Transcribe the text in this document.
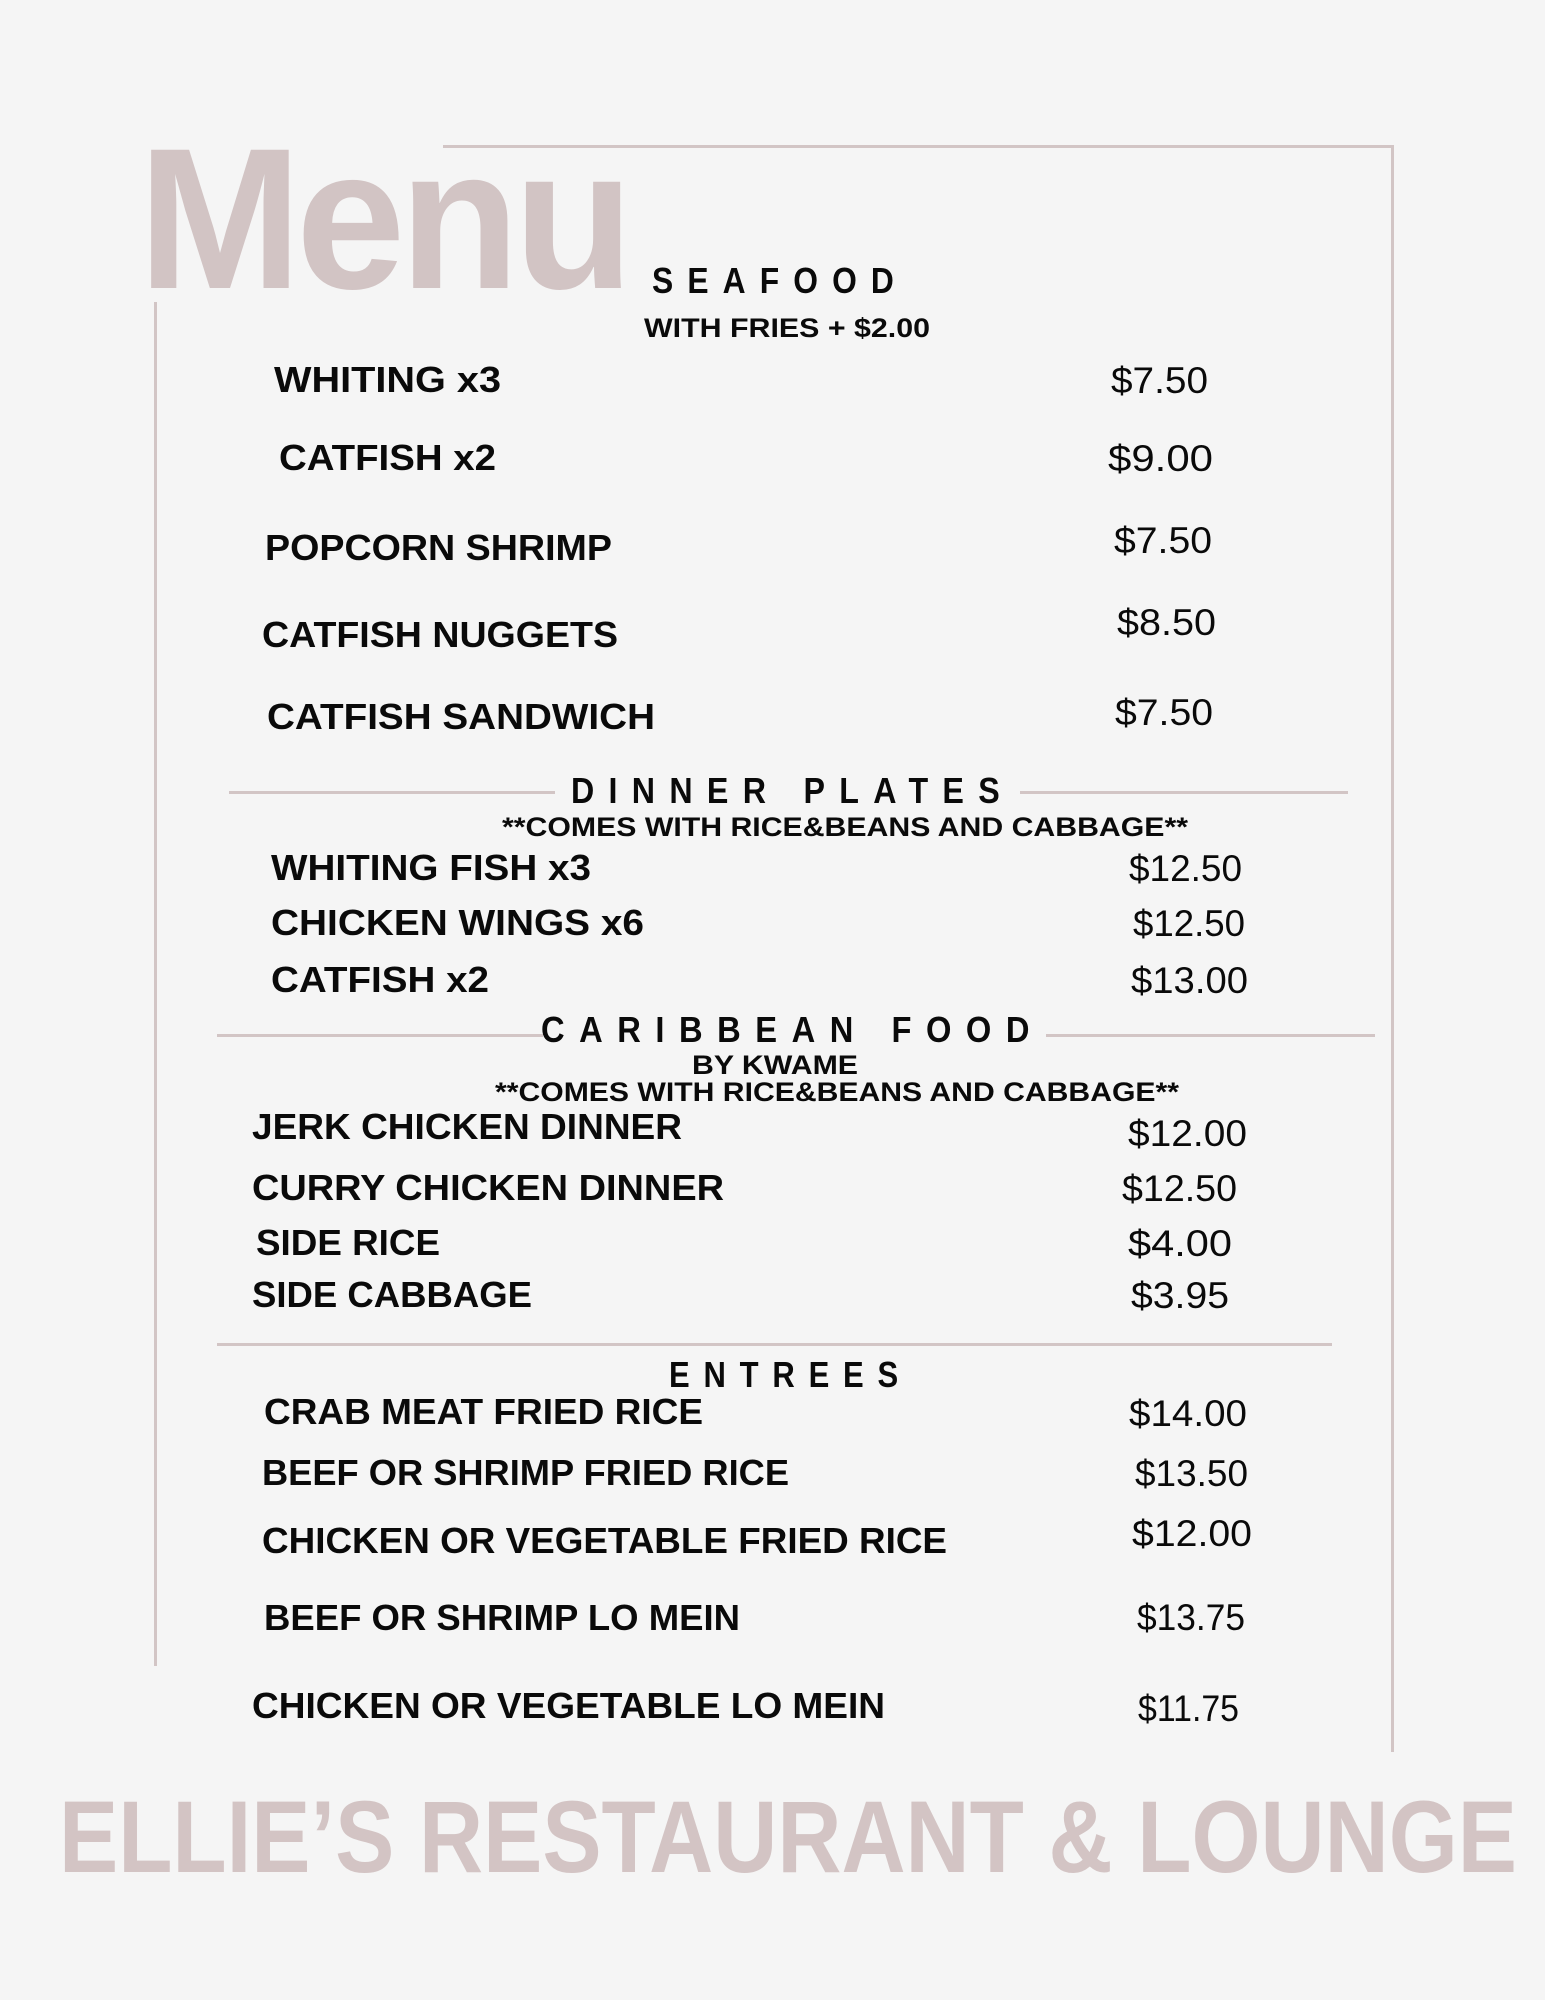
Menu SEAFOOD
WITH FRIES + $2.00
WHITING x3	$7.50
CATFISH x2	$9.00
POPCORN SHRIMP	$7.50
CATFISH NUGGETS	$8.50
CATFISH SANDWICH	$7.50
DINNER PLATES
**COMES WITH RICE&BEANS AND CABBAGE**
WHITING FISH x3	$12.50
CHICKEN WINGS x6	$12.50
CATFISH x2	$13.00
CARIBBEAN FOOD
BY KWAME
**COMES WITH RICE&BEANS AND CABBAGE**
JERK CHICKEN DINNER	$12.00
CURRY CHICKEN DINNER	$12.50
SIDE RICE	$4.00
SIDE CABBAGE	$3.95
ENTREES
CRAB MEAT FRIED RICE	$14.00
BEEF OR SHRIMP FRIED RICE	$13.50
CHICKEN OR VEGETABLE FRIED RICE	$12.00
BEEF OR SHRIMP LO MEIN	$13.75
CHICKEN OR VEGETABLE LO MEIN	$11.75
ELLIE’S RESTAURANT & LOUNGE
